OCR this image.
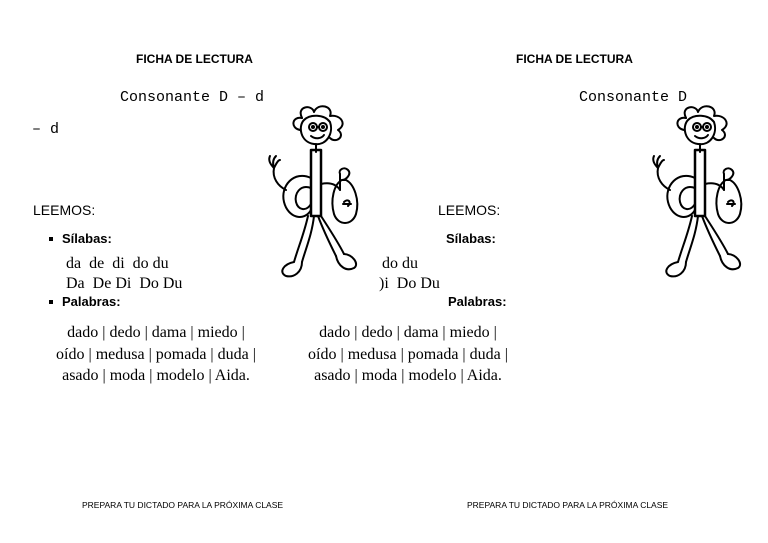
FICHA DE LECTURA
Consonante D – d
– d
LEEMOS:
Sílabas:
da  de  di  do du
Da  De Di  Do Du
Palabras:
dado | dedo | dama | miedo |
oído | medusa | pomada | duda |
asado | moda | modelo | Aida.
PREPARA TU DICTADO PARA LA PRÓXIMA CLASE
FICHA DE LECTURA
Consonante D
LEEMOS:
Sílabas:
do du
)i  Do Du
Palabras:
dado | dedo | dama | miedo |
oído | medusa | pomada | duda |
asado | moda | modelo | Aida.
PREPARA TU DICTADO PARA LA PRÓXIMA CLASE
